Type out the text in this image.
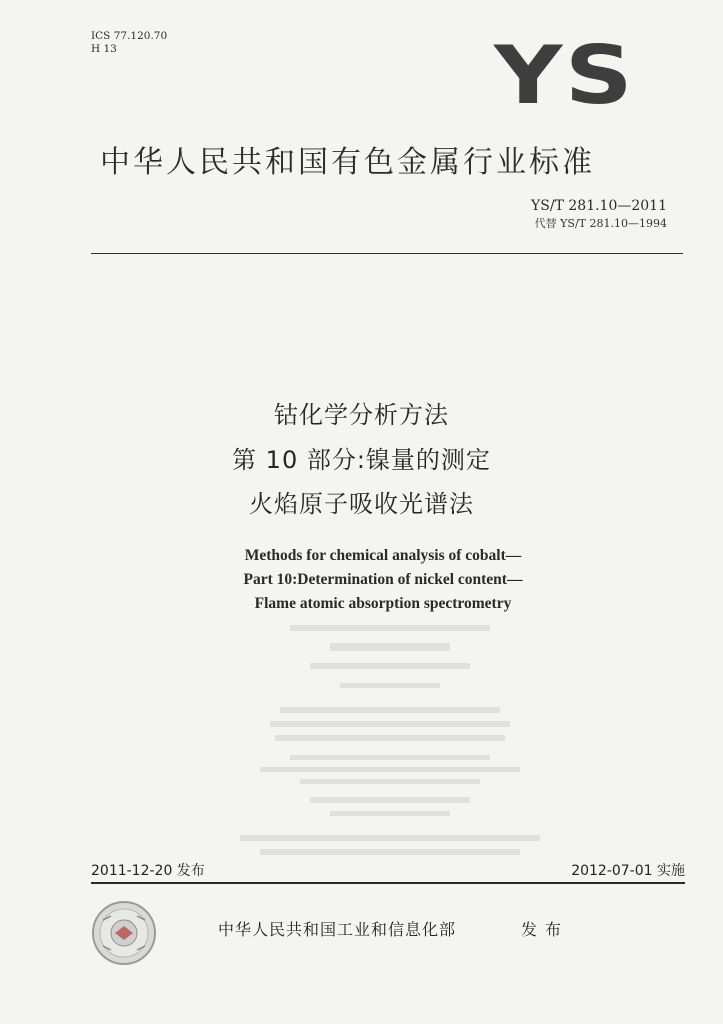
ICS 77.120.70
H 13	YS
中华人民共和国有色金属行业标准
YS/T 281.10—2011
代替 YS/T 281.10—1994
钴化学分析方法
第 10 部分:镍量的测定
火焰原子吸收光谱法
Methods for chemical analysis of cobalt—
Part 10:Determination of nickel content—
Flame atomic absorption spectrometry
2011-12-20 发布	2012-07-01 实施
中华人民共和国工业和信息化部	发布
